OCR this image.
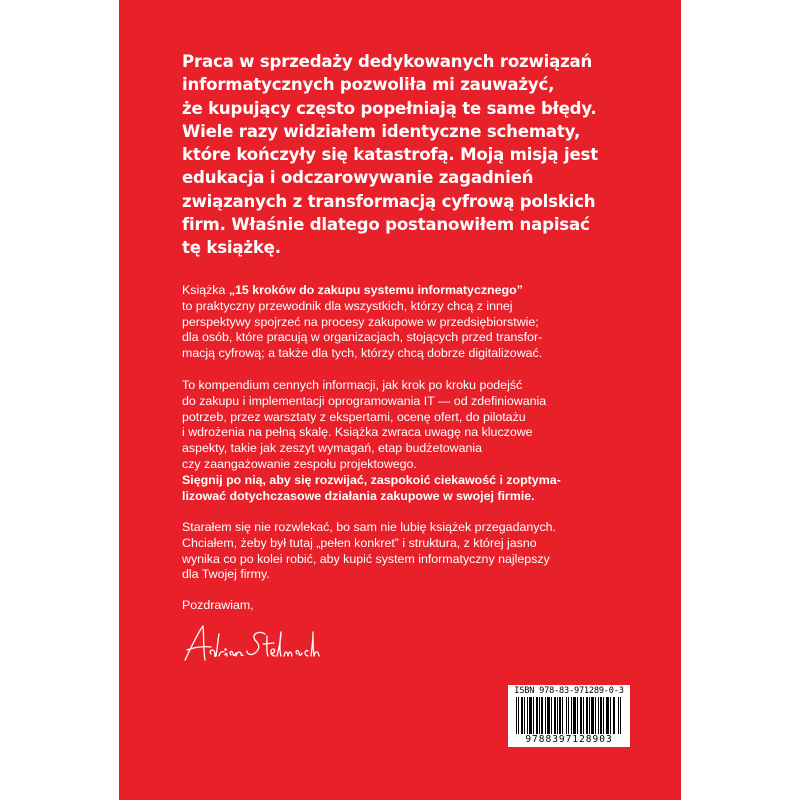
Praca w sprzedaży dedykowanych rozwiązań
informatycznych pozwoliła mi zauważyć,
że kupujący często popełniają te same błędy.
Wiele razy widziałem identyczne schematy,
które kończyły się katastrofą. Moją misją jest
edukacja i odczarowywanie zagadnień
związanych z transformacją cyfrową polskich
firm. Właśnie dlatego postanowiłem napisać
tę książkę.

Książka „15 kroków do zakupu systemu informatycznego”
to praktyczny przewodnik dla wszystkich, którzy chcą z innej
perspektywy spojrzeć na procesy zakupowe w przedsiębiorstwie;
dla osób, które pracują w organizacjach, stojących przed transfor-
macją cyfrową; a także dla tych, którzy chcą dobrze digitalizować.

To kompendium cennych informacji, jak krok po kroku podejść
do zakupu i implementacji oprogramowania IT — od zdefiniowania
potrzeb, przez warsztaty z ekspertami, ocenę ofert, do pilotażu
i wdrożenia na pełną skalę. Książka zwraca uwagę na kluczowe
aspekty, takie jak zeszyt wymagań, etap budżetowania
czy zaangażowanie zespołu projektowego.
Sięgnij po nią, aby się rozwijać, zaspokoić ciekawość i zoptyma-
lizować dotychczasowe działania zakupowe w swojej firmie.

Starałem się nie rozwlekać, bo sam nie lubię książek przegadanych.
Chciałem, żeby był tutaj „pełen konkret” i struktura, z której jasno
wynika co po kolei robić, aby kupić system informatyczny najlepszy
dla Twojej firmy.

Pozdrawiam,

ISBN 978-83-971289-0-3
9788397128903
